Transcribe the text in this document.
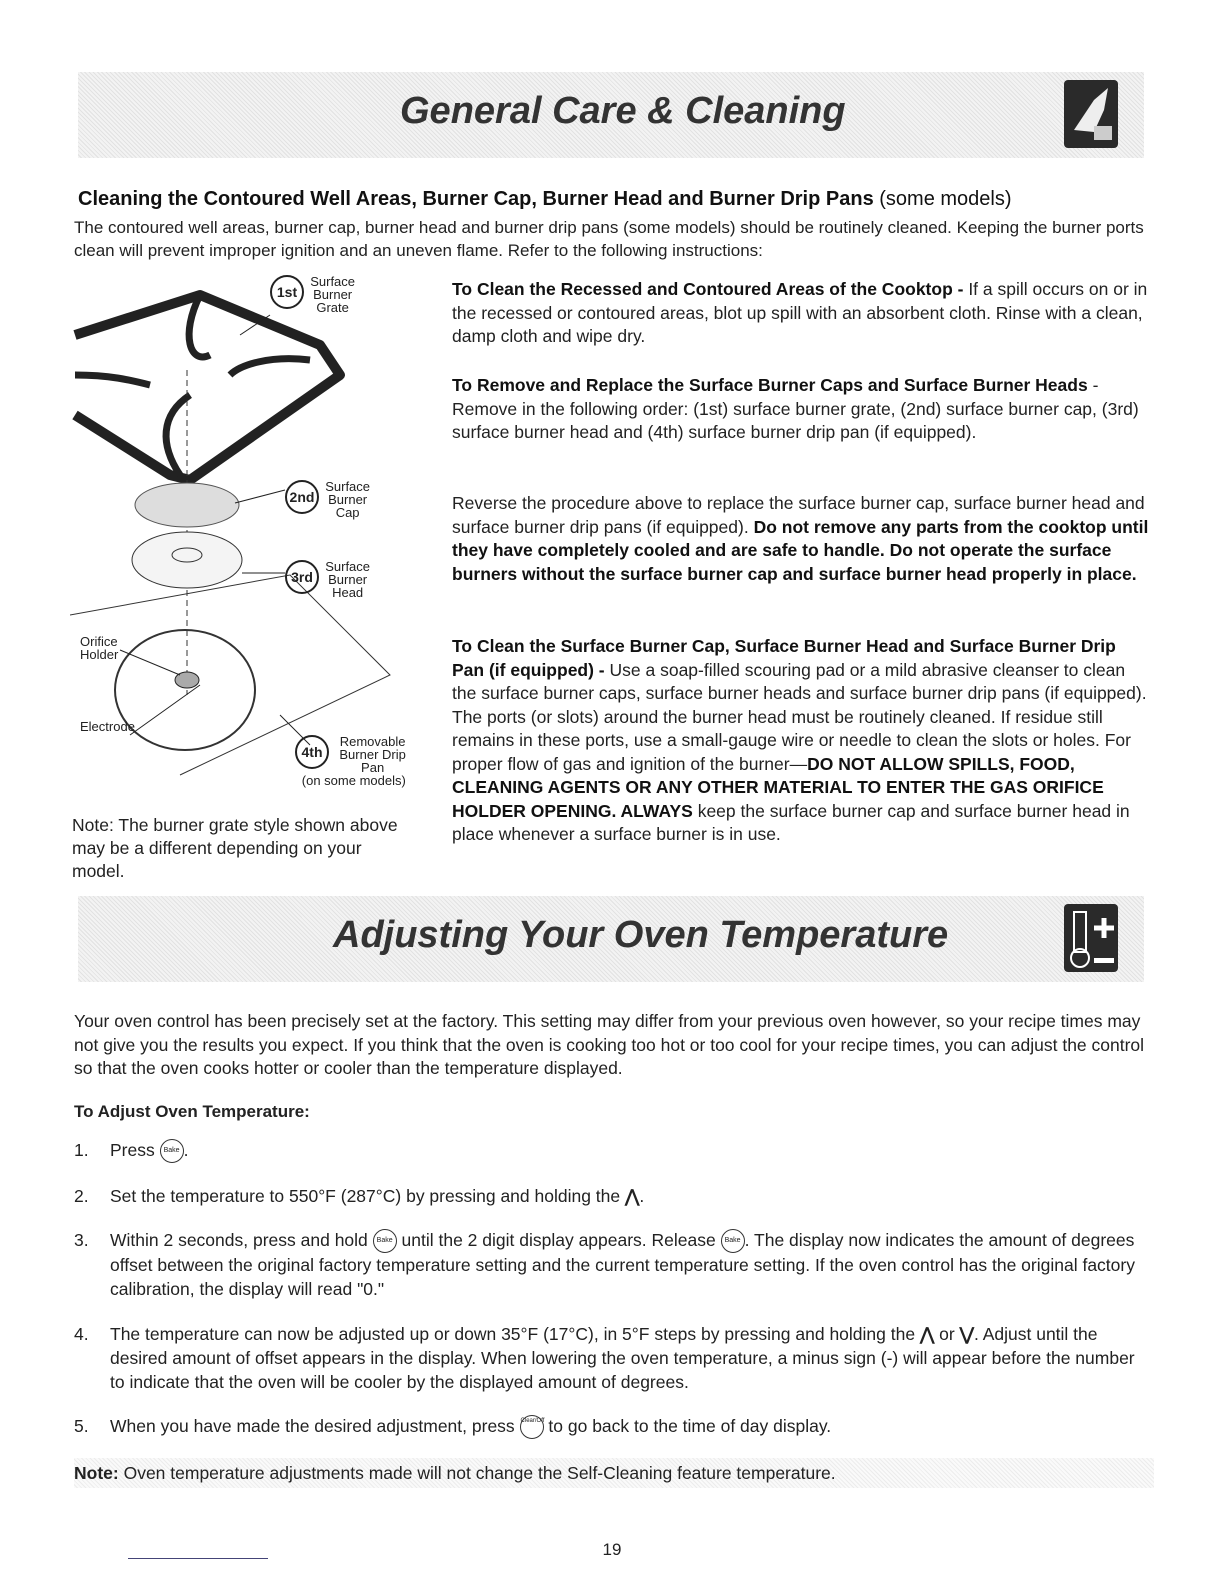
General Care & Cleaning
Cleaning the Contoured Well Areas, Burner Cap, Burner Head and Burner Drip Pans (some models)

The contoured well areas, burner cap, burner head and burner drip pans (some models) should be routinely cleaned. Keeping the burner ports clean will prevent improper ignition and an uneven flame. Refer to the following instructions:

1st Surface Burner Grate
2nd Surface Burner Cap
3rd Surface Burner Head
4th Removable Burner Drip Pan
(on some models)
Orifice Holder
Electrode

Note: The burner grate style shown above may be a different depending on your model.

To Clean the Recessed and Contoured Areas of the Cooktop - If a spill occurs on or in the recessed or contoured areas, blot up spill with an absorbent cloth. Rinse with a clean, damp cloth and wipe dry.

To Remove and Replace the Surface Burner Caps and Surface Burner Heads - Remove in the following order: (1st) surface burner grate, (2nd) surface burner cap, (3rd) surface burner head and (4th) surface burner drip pan (if equipped).

Reverse the procedure above to replace the surface burner cap, surface burner head and surface burner drip pans (if equipped). Do not remove any parts from the cooktop until they have completely cooled and are safe to handle. Do not operate the surface burners without the surface burner cap and surface burner head properly in place.

To Clean the Surface Burner Cap, Surface Burner Head and Surface Burner Drip Pan (if equipped) - Use a soap-filled scouring pad or a mild abrasive cleanser to clean the surface burner caps, surface burner heads and surface burner drip pans (if equipped). The ports (or slots) around the burner head must be routinely cleaned. If residue still remains in these ports, use a small-gauge wire or needle to clean the slots or holes. For proper flow of gas and ignition of the burner—DO NOT ALLOW SPILLS, FOOD, CLEANING AGENTS OR ANY OTHER MATERIAL TO ENTER THE GAS ORIFICE HOLDER OPENING. ALWAYS keep the surface burner cap and surface burner head in place whenever a surface burner is in use.

Adjusting Your Oven Temperature

Your oven control has been precisely set at the factory. This setting may differ from your previous oven however, so your recipe times may not give you the results you expect. If you think that the oven is cooking too hot or too cool for your recipe times, you can adjust the control so that the oven cooks hotter or cooler than the temperature displayed.

To Adjust Oven Temperature:
1. Press Bake .
2. Set the temperature to 550°F (287°C) by pressing and holding the ⋀.
3. Within 2 seconds, press and hold Bake until the 2 digit display appears. Release Bake . The display now indicates the amount of degrees offset between the original factory temperature setting and the current temperature setting. If the oven control has the original factory calibration, the display will read "0."
4. The temperature can now be adjusted up or down 35°F (17°C), in 5°F steps by pressing and holding the ⋀ or ⋁. Adjust until the desired amount of offset appears in the display. When lowering the oven temperature, a minus sign (-) will appear before the number to indicate that the oven will be cooler by the displayed amount of degrees.
5. When you have made the desired adjustment, press Clear/Off to go back to the time of day display.
Note: Oven temperature adjustments made will not change the Self-Cleaning feature temperature.
19
